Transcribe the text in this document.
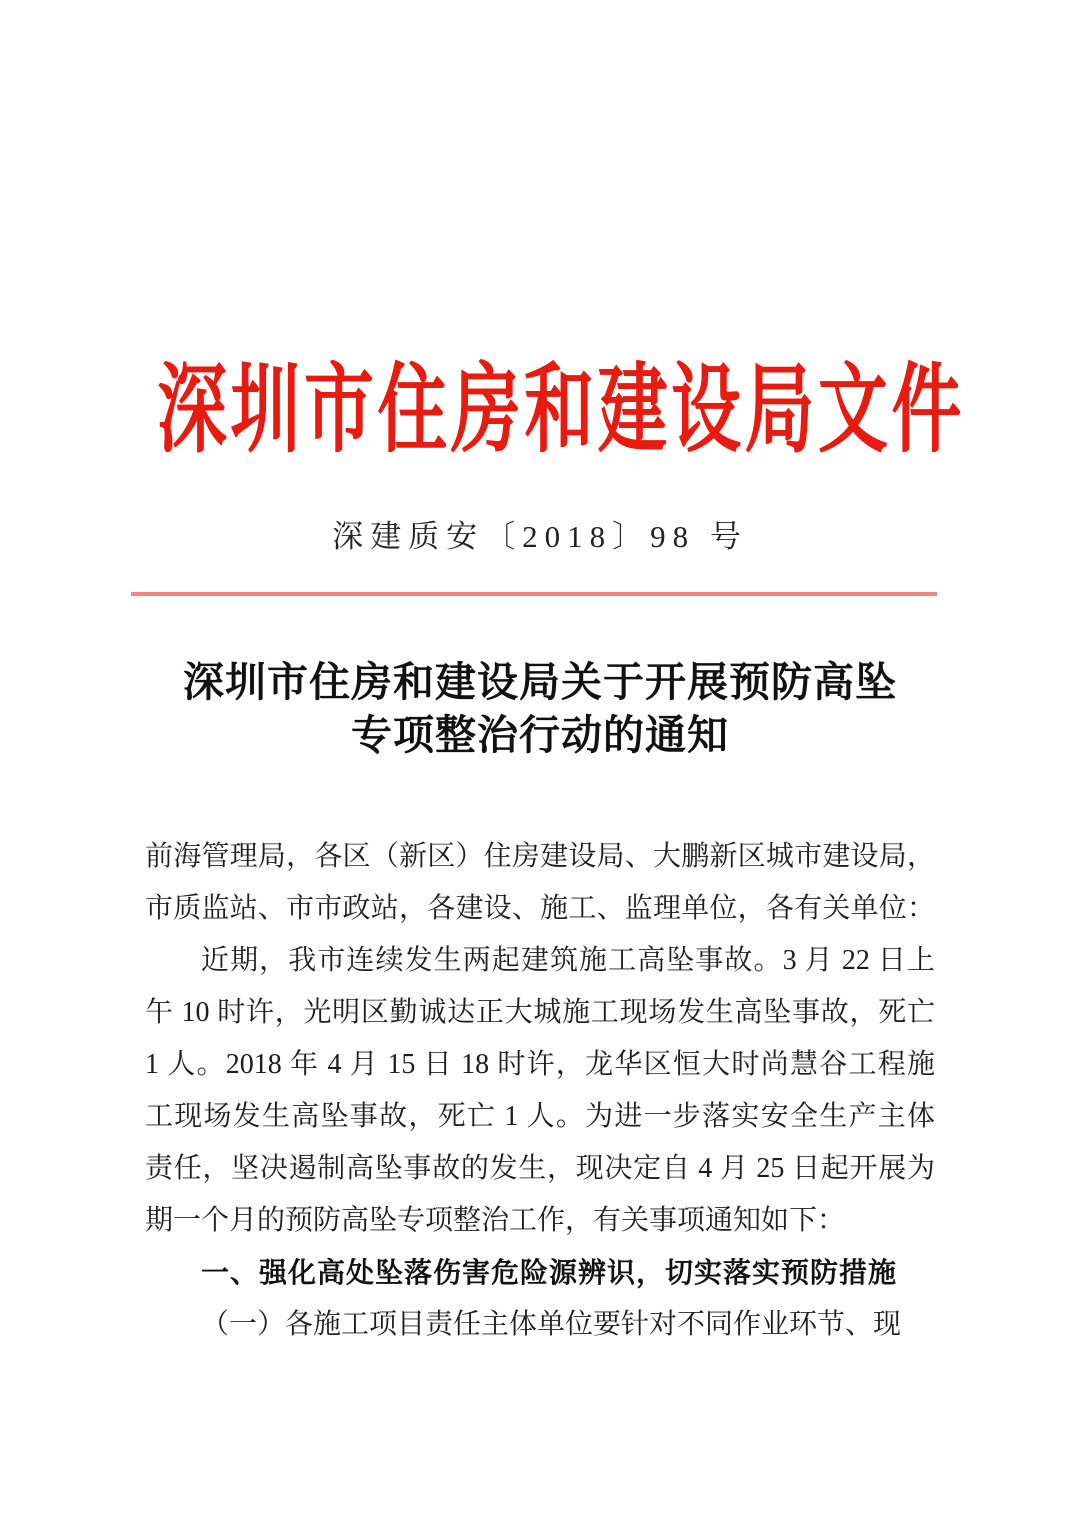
深圳市住房和建设局文件
深建质安〔2018〕98 号
深圳市住房和建设局关于开展预防高坠
专项整治行动的通知
前海管理局，各区（新区）住房建设局、大鹏新区城市建设局，
市质监站、市市政站，各建设、施工、监理单位，各有关单位：
近期，我市连续发生两起建筑施工高坠事故。3 月 22 日上
午 10 时许，光明区勤诚达正大城施工现场发生高坠事故，死亡
1 人。2018 年 4 月 15 日 18 时许，龙华区恒大时尚慧谷工程施
工现场发生高坠事故，死亡 1 人。为进一步落实安全生产主体
责任，坚决遏制高坠事故的发生，现决定自 4 月 25 日起开展为
期一个月的预防高坠专项整治工作，有关事项通知如下：
一、强化高处坠落伤害危险源辨识，切实落实预防措施
（一）各施工项目责任主体单位要针对不同作业环节、现
